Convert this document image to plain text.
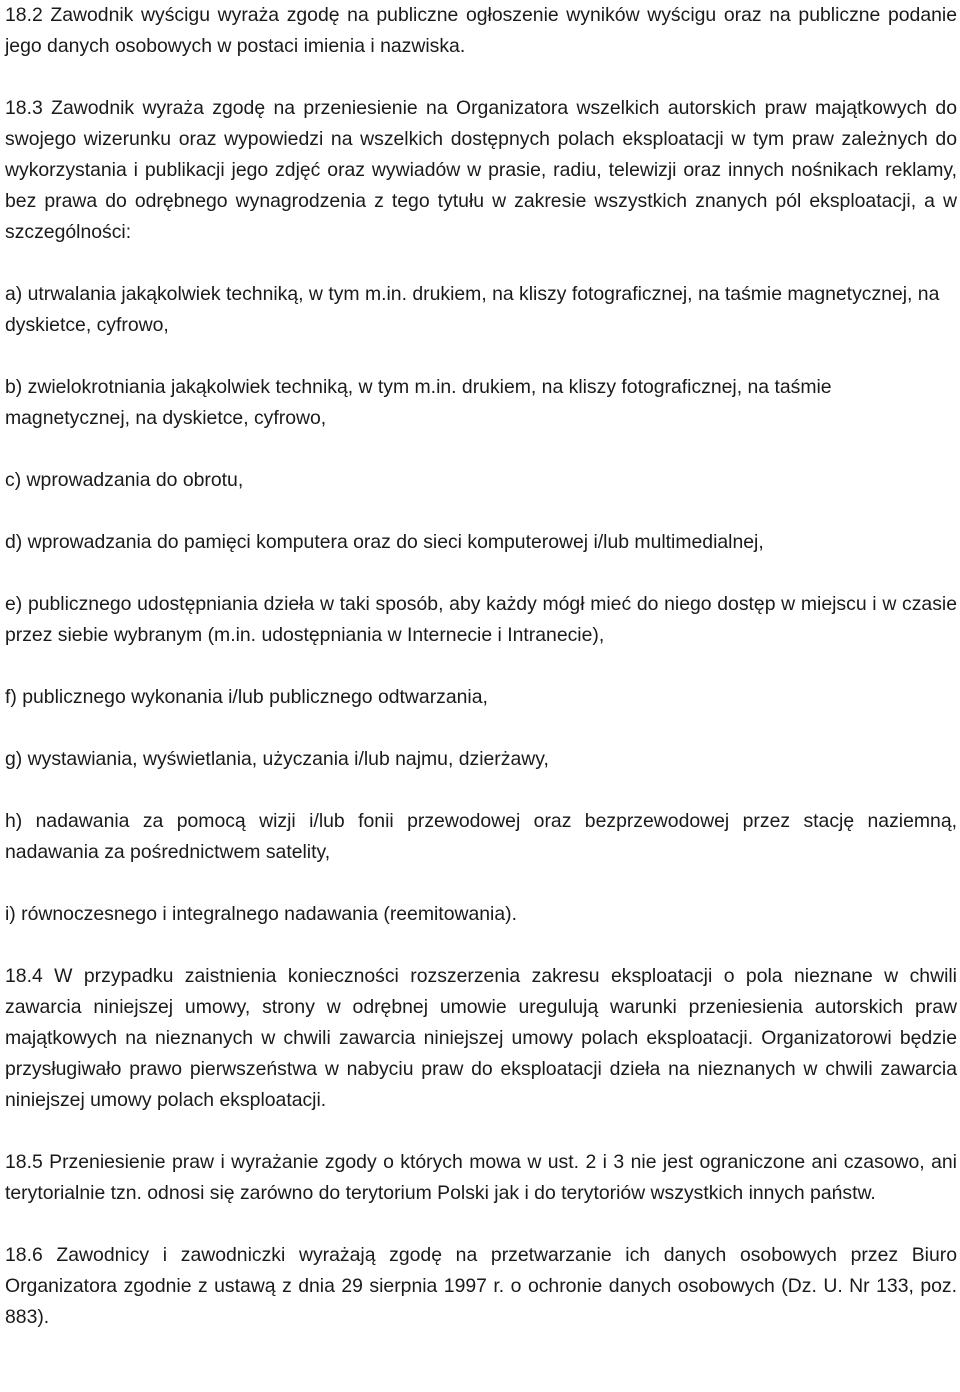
18.2 Zawodnik wyścigu wyraża zgodę na publiczne ogłoszenie wyników wyścigu oraz na publiczne podanie jego danych osobowych w postaci imienia i nazwiska.

18.3 Zawodnik wyraża zgodę na przeniesienie na Organizatora wszelkich autorskich praw majątkowych do swojego wizerunku oraz wypowiedzi na wszelkich dostępnych polach eksploatacji w tym praw zależnych do wykorzystania i publikacji jego zdjęć oraz wywiadów w prasie, radiu, telewizji oraz innych nośnikach reklamy, bez prawa do odrębnego wynagrodzenia z tego tytułu w zakresie wszystkich znanych pól eksploatacji, a w szczególności:

a) utrwalania jakąkolwiek techniką, w tym m.in. drukiem, na kliszy fotograficznej, na taśmie magnetycznej, na dyskietce, cyfrowo,

b) zwielokrotniania jakąkolwiek techniką, w tym m.in. drukiem, na kliszy fotograficznej, na taśmie magnetycznej, na dyskietce, cyfrowo,

c) wprowadzania do obrotu,

d) wprowadzania do pamięci komputera oraz do sieci komputerowej i/lub multimedialnej,

e) publicznego udostępniania dzieła w taki sposób, aby każdy mógł mieć do niego dostęp w miejscu i w czasie przez siebie wybranym (m.in. udostępniania w Internecie i Intranecie),

f) publicznego wykonania i/lub publicznego odtwarzania,

g) wystawiania, wyświetlania, użyczania i/lub najmu, dzierżawy,

h) nadawania za pomocą wizji i/lub fonii przewodowej oraz bezprzewodowej przez stację naziemną, nadawania za pośrednictwem satelity,

i) równoczesnego i integralnego nadawania (reemitowania).

18.4 W przypadku zaistnienia konieczności rozszerzenia zakresu eksploatacji o pola nieznane w chwili zawarcia niniejszej umowy, strony w odrębnej umowie uregulują warunki przeniesienia autorskich praw majątkowych na nieznanych w chwili zawarcia niniejszej umowy polach eksploatacji. Organizatorowi będzie przysługiwało prawo pierwszeństwa w nabyciu praw do eksploatacji dzieła na nieznanych w chwili zawarcia niniejszej umowy polach eksploatacji.

18.5 Przeniesienie praw i wyrażanie zgody o których mowa w ust. 2 i 3 nie jest ograniczone ani czasowo, ani terytorialnie tzn. odnosi się zarówno do terytorium Polski jak i do terytoriów wszystkich innych państw.

18.6 Zawodnicy i zawodniczki wyrażają zgodę na przetwarzanie ich danych osobowych przez Biuro Organizatora zgodnie z ustawą z dnia 29 sierpnia 1997 r. o ochronie danych osobowych (Dz. U. Nr 133, poz. 883).
